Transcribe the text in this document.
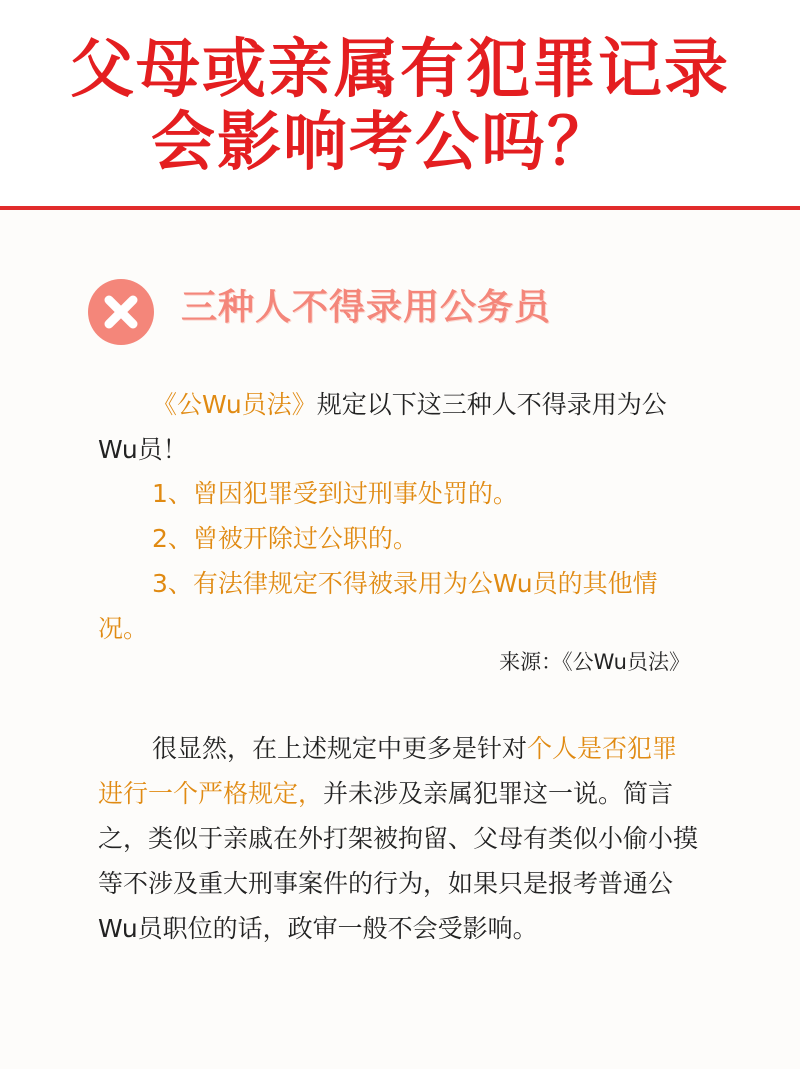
父母或亲属有犯罪记录
会影响考公吗？
三种人不得录用公务员
《公Wu员法》规定以下这三种人不得录用为公Wu员！
1、曾因犯罪受到过刑事处罚的。
2、曾被开除过公职的。
3、有法律规定不得被录用为公Wu员的其他情况。
来源：《公Wu员法》
很显然，在上述规定中更多是针对个人是否犯罪进行一个严格规定，并未涉及亲属犯罪这一说。简言之，类似于亲戚在外打架被拘留、父母有类似小偷小摸等不涉及重大刑事案件的行为，如果只是报考普通公Wu员职位的话，政审一般不会受影响。
